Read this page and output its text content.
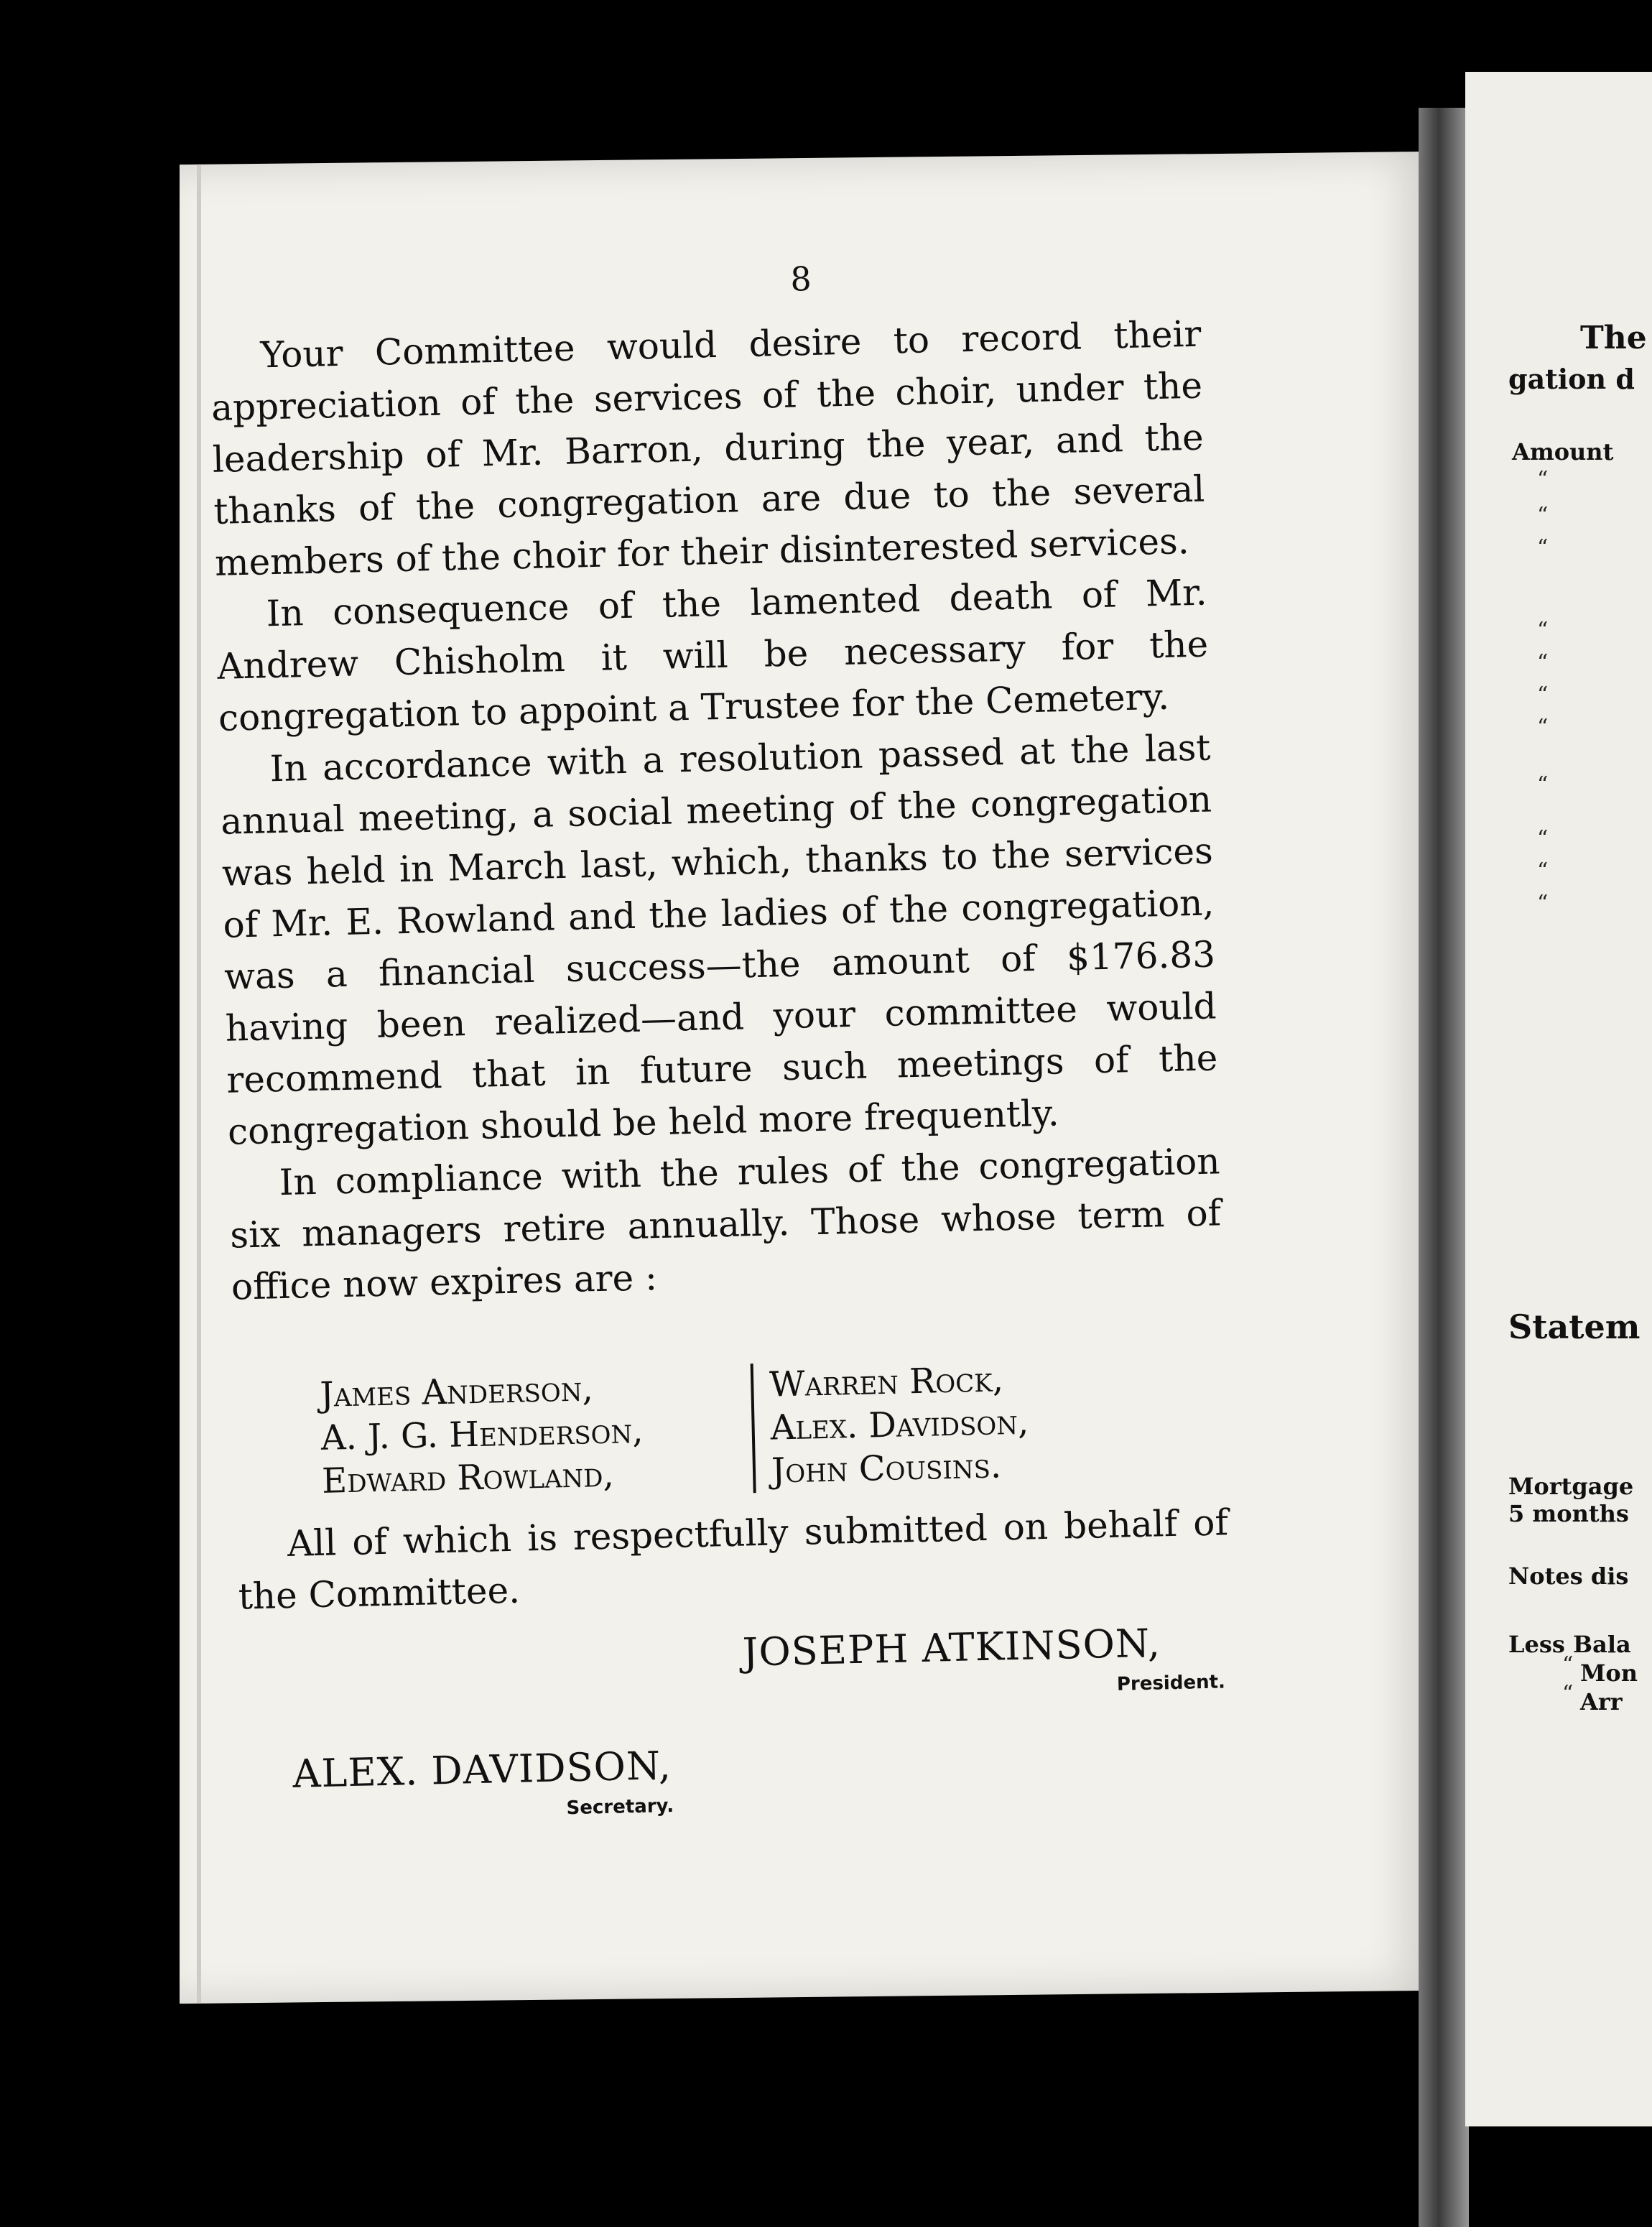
8

Your Committee would desire to record their appreciation of the services of the choir, under the leadership of Mr. Barron, during the year, and the thanks of the congregation are due to the several members of the choir for their disinterested services.

In consequence of the lamented death of Mr. Andrew Chisholm it will be necessary for the congregation to appoint a Trustee for the Cemetery.

In accordance with a resolution passed at the last annual meeting, a social meeting of the congregation was held in March last, which, thanks to the services of Mr. E. Rowland and the ladies of the congregation, was a financial success—the amount of $176.83 having been realized—and your committee would recommend that in future such meetings of the congregation should be held more frequently.

In compliance with the rules of the congregation six managers retire annually. Those whose term of office now expires are :

James Anderson,
A. J. G. Henderson,
Edward Rowland,
Warren Rock,
Alex. Davidson,
John Cousins.

All of which is respectfully submitted on behalf of the Committee.

JOSEPH ATKINSON,
President.
ALEX. DAVIDSON,
Secretary.
The
gation d
Amount
Statem
Mortgage
5 months
Notes dis
Less Bala
Mon
Arr
“
“
“
“
“
“
“
“
“
“
“
“
“
